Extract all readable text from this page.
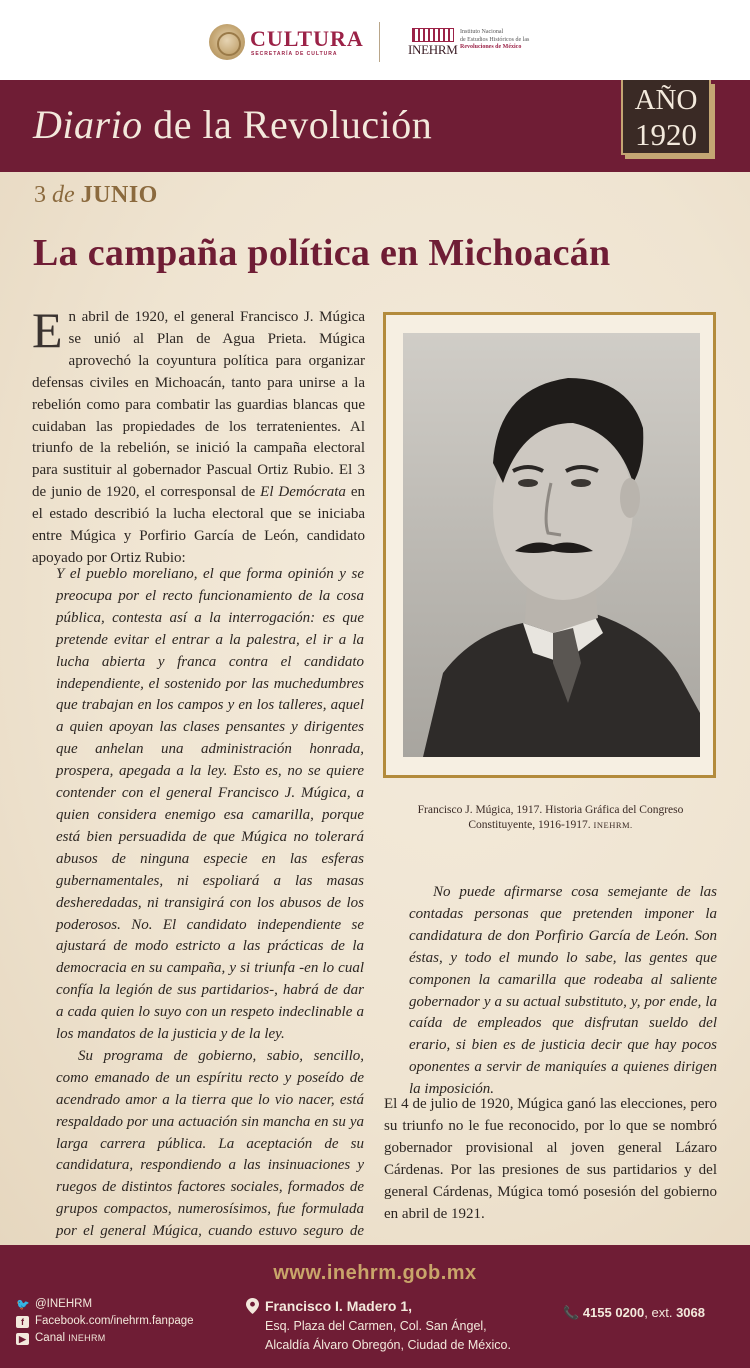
CULTURA
SECRETARÍA DE CULTURA	INEHRM
Instituto Nacional
de Estudios Históricos de las
Revoluciones de México
Diario de la Revolución
AÑO
1920
3 de JUNIO
La campaña política en Michoacán
En abril de 1920, el general Francisco J. Múgica se unió al Plan de Agua Prieta. Múgica aprovechó la coyuntura política para organizar defensas civiles en Michoacán, tanto para unirse a la rebelión como para combatir las guardias blancas que cuidaban las propiedades de los terratenientes. Al triunfo de la rebelión, se inició la campaña electoral para sustituir al gobernador Pascual Ortiz Rubio. El 3 de junio de 1920, el corresponsal de El Demócrata en el estado describió la lucha electoral que se iniciaba entre Múgica y Porfirio García de León, candidato apoyado por Ortiz Rubio:

Y el pueblo moreliano, el que forma opinión y se preocupa por el recto funcionamiento de la cosa pública, contesta así a la interrogación: es que pretende evitar el entrar a la palestra, el ir a la lucha abierta y franca contra el candidato independiente, el sostenido por las muchedumbres que trabajan en los campos y en los talleres, aquel a quien apoyan las clases pensantes y dirigentes que anhelan una administración honrada, prospera, apegada a la ley. Esto es, no se quiere contender con el general Francisco J. Múgica, a quien considera enemigo esa camarilla, porque está bien persuadida de que Múgica no tolerará abusos de ninguna especie en las esferas gubernamentales, ni espoliará a las masas desheredadas, ni transigirá con los abusos de los poderosos. No. El candidato independiente se ajustará de modo estricto a las prácticas de la democracia en su campaña, y si triunfa -en lo cual confía la legión de sus partidarios-, habrá de dar a cada quien lo suyo con un respeto indeclinable a los mandatos de la justicia y de la ley.

Su programa de gobierno, sabio, sencillo, como emanado de un espíritu recto y poseído de acendrado amor a la tierra que lo vio nacer, está respaldado por una actuación sin mancha en su ya larga carrera pública. La aceptación de su candidatura, respondiendo a las insinuaciones y ruegos de distintos factores sociales, formados de grupos compactos, numerosísimos, fue formulada por el general Múgica, cuando estuvo seguro de

Francisco J. Múgica, 1917. Historia Gráfica del Congreso Constituyente, 1916-1917. INEHRM.
No puede afirmarse cosa semejante de las contadas personas que pretenden imponer la candidatura de don Porfirio García de León. Son éstas, y todo el mundo lo sabe, las gentes que componen la camarilla que rodeaba al saliente gobernador y a su actual substituto, y, por ende, la caída de empleados que disfrutan sueldo del erario, si bien es de justicia decir que hay pocos oponentes a servir de maniquíes a quienes dirigen la imposición.
El 4 de julio de 1920, Múgica ganó las elecciones, pero su triunfo no le fue reconocido, por lo que se nombró gobernador provisional al joven general Lázaro Cárdenas. Por las presiones de sus partidarios y del general Cárdenas, Múgica tomó posesión del gobierno en abril de 1921.
www.inehrm.gob.mx
🐦 @INEHRM
f Facebook.com/inehrm.fanpage
▶ Canal INEHRM
Francisco I. Madero 1,
Esq. Plaza del Carmen, Col. San Ángel,
Alcaldía Álvaro Obregón, Ciudad de México.
📞 4155 0200, ext. 3068
